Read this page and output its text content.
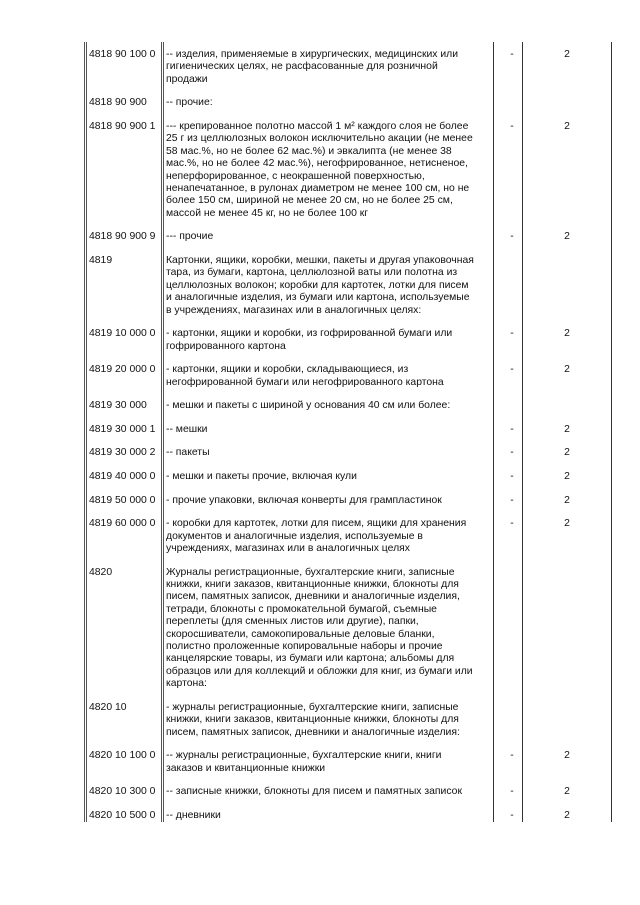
4818 90 100 0 -- изделия, применяемые в хирургических, медицинских или
гигиенических целях, не расфасованные для розничной
продажи
-	2
4818 90 900 -- прочие:
4818 90 900 1 --- крепированное полотно массой 1 м² каждого слоя не более
25 г из целлюлозных волокон исключительно акации (не менее
58 мас.%, но не более 62 мас.%) и эвкалипта (не менее 38
мас.%, но не более 42 мас.%), негофрированное, нетисненое,
неперфорированное, с неокрашенной поверхностью,
ненапечатанное, в рулонах диаметром не менее 100 см, но не
более 150 см, шириной не менее 20 см, но не более 25 см,
массой не менее 45 кг, но не более 100 кг
-	2
4818 90 900 9 --- прочие	-	2
4819	Картонки, ящики, коробки, мешки, пакеты и другая упаковочная
тара, из бумаги, картона, целлюлозной ваты или полотна из
целлюлозных волокон; коробки для картотек, лотки для писем
и аналогичные изделия, из бумаги или картона, используемые
в учреждениях, магазинах или в аналогичных целях:
4819 10 000 0 - картонки, ящики и коробки, из гофрированной бумаги или
гофрированного картона
-	2
4819 20 000 0 - картонки, ящики и коробки, складывающиеся, из
негофрированной бумаги или негофрированного картона
-	2
4819 30 000 - мешки и пакеты с шириной у основания 40 см или более:
4819 30 000 1 -- мешки	-	2
4819 30 000 2 -- пакеты	-	2
4819 40 000 0 - мешки и пакеты прочие, включая кули	-	2
4819 50 000 0 - прочие упаковки, включая конверты для грампластинок	-	2
4819 60 000 0 - коробки для картотек, лотки для писем, ящики для хранения
документов и аналогичные изделия, используемые в
учреждениях, магазинах или в аналогичных целях
-	2
4820	Журналы регистрационные, бухгалтерские книги, записные
книжки, книги заказов, квитанционные книжки, блокноты для
писем, памятных записок, дневники и аналогичные изделия,
тетради, блокноты с промокательной бумагой, съемные
переплеты (для сменных листов или другие), папки,
скоросшиватели, самокопировальные деловые бланки,
полистно проложенные копировальные наборы и прочие
канцелярские товары, из бумаги или картона; альбомы для
образцов или для коллекций и обложки для книг, из бумаги или
картона:
4820 10	- журналы регистрационные, бухгалтерские книги, записные
книжки, книги заказов, квитанционные книжки, блокноты для
писем, памятных записок, дневники и аналогичные изделия:
4820 10 100 0 -- журналы регистрационные, бухгалтерские книги, книги
заказов и квитанционные книжки
-	2
4820 10 300 0 -- записные книжки, блокноты для писем и памятных записок	-	2
4820 10 500 0 -- дневники	-	2
